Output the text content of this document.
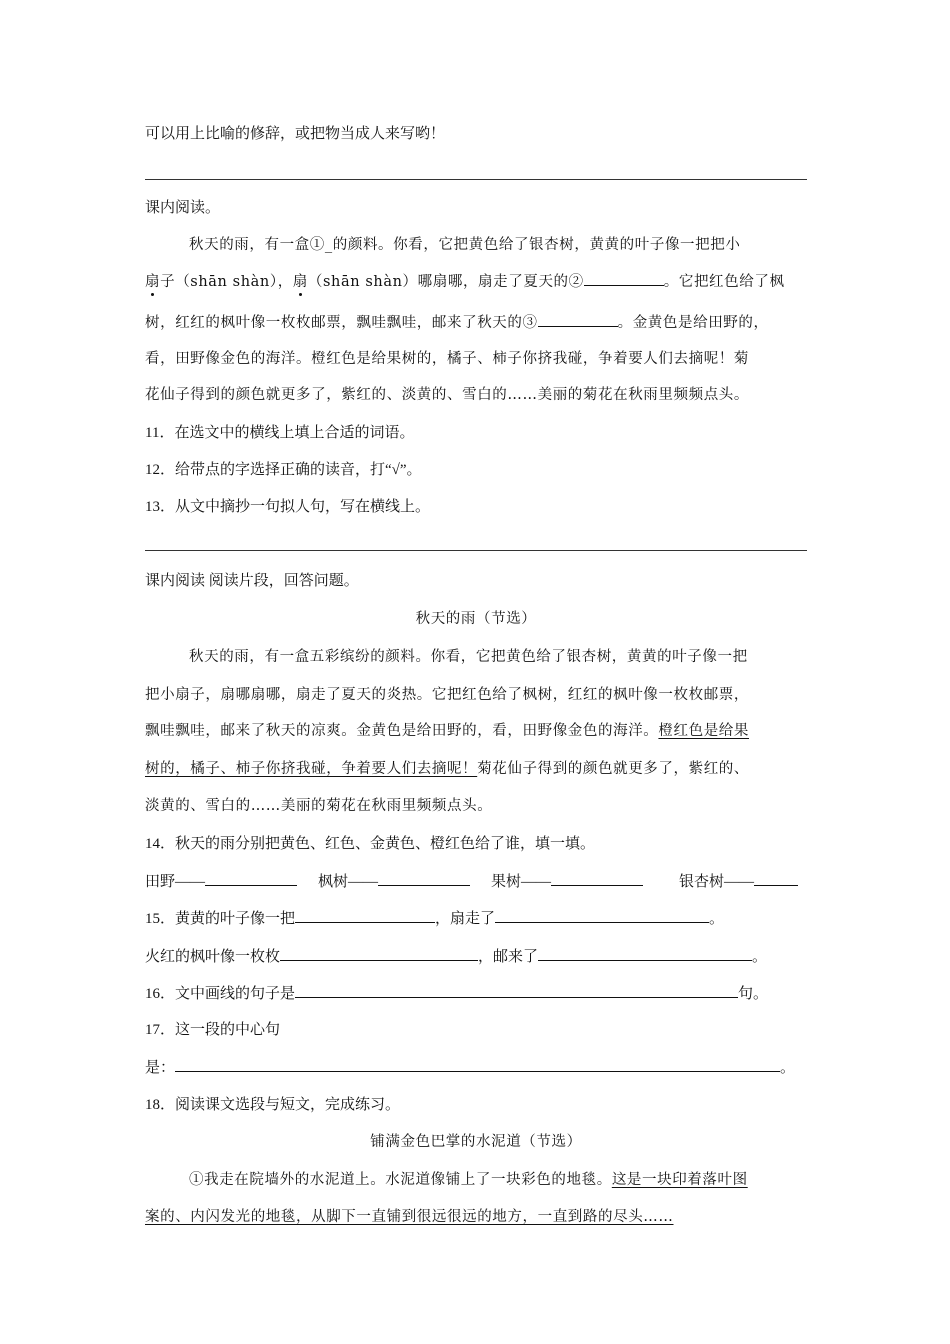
可以用上比喻的修辞，或把物当成人来写哟！
课内阅读。
秋天的雨，有一盒①_的颜料。你看，它把黄色给了银杏树，黄黄的叶子像一把把小
扇子（shān shàn），扇（shān shàn）哪扇哪，扇走了夏天的②	。它把红色给了枫
树，红红的枫叶像一枚枚邮票，飘哇飘哇，邮来了秋天的③	。金黄色是给田野的，
看，田野像金色的海洋。橙红色是给果树的，橘子、柿子你挤我碰，争着要人们去摘呢！菊
花仙子得到的颜色就更多了，紫红的、淡黄的、雪白的……美丽的菊花在秋雨里频频点头。
11．在选文中的横线上填上合适的词语。
12．给带点的字选择正确的读音，打“√”。
13．从文中摘抄一句拟人句，写在横线上。
课内阅读 阅读片段，回答问题。
秋天的雨（节选）
秋天的雨，有一盒五彩缤纷的颜料。你看，它把黄色给了银杏树，黄黄的叶子像一把
把小扇子，扇哪扇哪，扇走了夏天的炎热。它把红色给了枫树，红红的枫叶像一枚枚邮票，
飘哇飘哇，邮来了秋天的凉爽。金黄色是给田野的，看，田野像金色的海洋。橙红色是给果
树的，橘子、柿子你挤我碰，争着要人们去摘呢！菊花仙子得到的颜色就更多了，紫红的、
淡黄的、雪白的……美丽的菊花在秋雨里频频点头。
14．秋天的雨分别把黄色、红色、金黄色、橙红色给了谁，填一填。
田野——	枫树——	果树——	银杏树——
15．黄黄的叶子像一把	，扇走了	。
火红的枫叶像一枚枚	，邮来了	。
16．文中画线的句子是	句。
17．这一段的中心句
是：	。
18．阅读课文选段与短文，完成练习。
铺满金色巴掌的水泥道（节选）
①我走在院墙外的水泥道上。水泥道像铺上了一块彩色的地毯。这是一块印着落叶图
案的、内闪发光的地毯，从脚下一直铺到很远很远的地方，一直到路的尽头……
